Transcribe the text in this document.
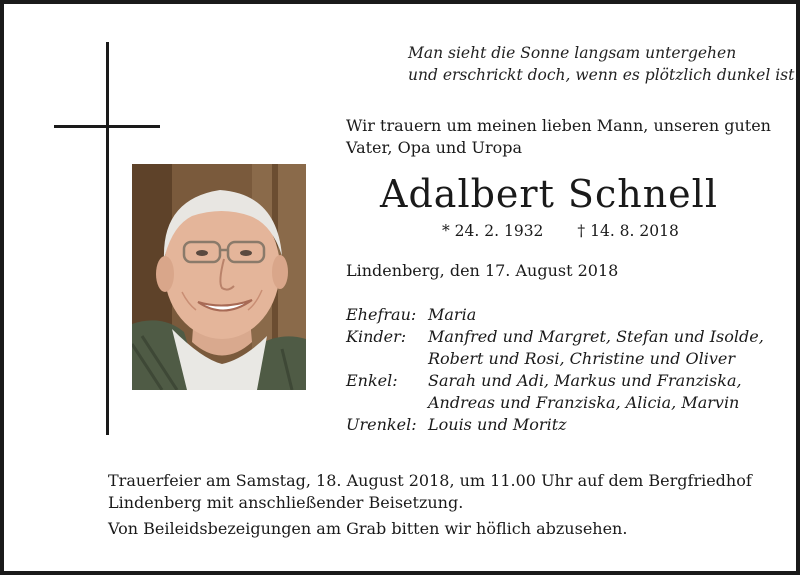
Man sieht die Sonne langsam untergehen
und erschrickt doch, wenn es plötzlich dunkel ist.
Wir trauern um meinen lieben Mann, unseren guten
Vater, Opa und Uropa
Adalbert Schnell
* 24. 2. 1932 † 14. 8. 2018
Lindenberg, den 17. August 2018
Ehefrau: Maria
Kinder:	Manfred und Margret, Stefan und Isolde,
Robert und Rosi, Christine und Oliver
Enkel:	Sarah und Adi, Markus und Franziska,
Andreas und Franziska, Alicia, Marvin
Urenkel: Louis und Moritz
Trauerfeier am Samstag, 18. August 2018, um 11.00 Uhr auf dem Bergfriedhof
Lindenberg mit anschließender Beisetzung.
Von Beileidsbezeigungen am Grab bitten wir höflich abzusehen.
